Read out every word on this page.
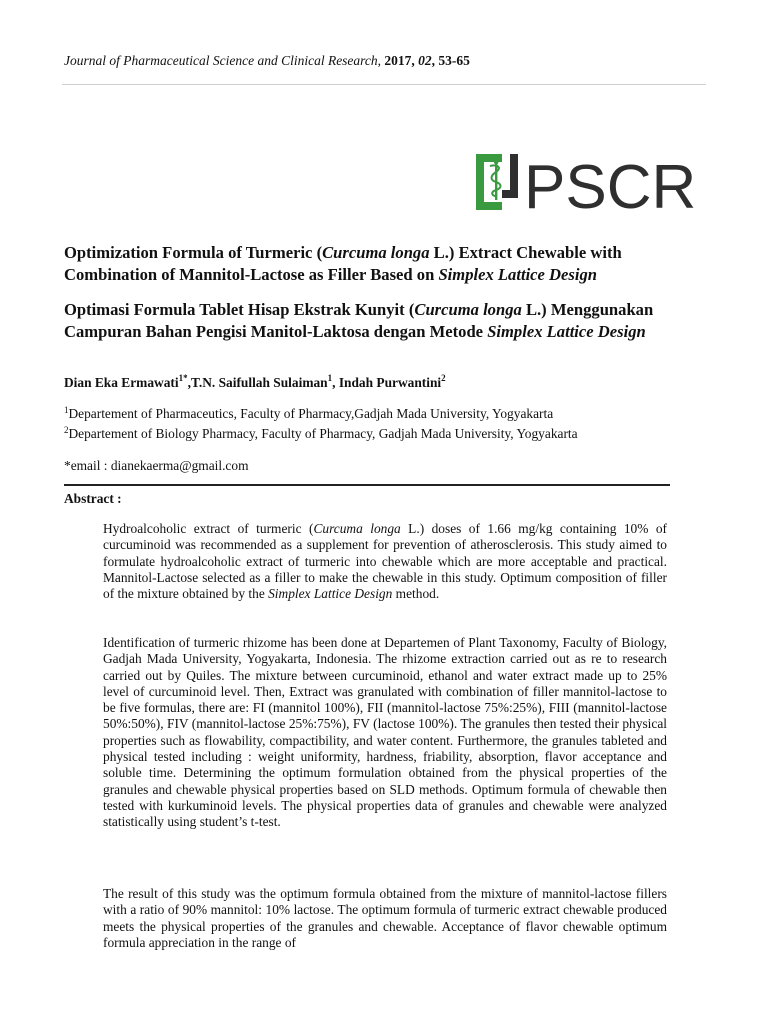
Journal of Pharmaceutical Science and Clinical Research, 2017, 02, 53-65
PSCR
Optimization Formula of Turmeric (Curcuma longa L.) Extract Chewable with Combination of Mannitol-Lactose as Filler Based on Simplex Lattice Design
Optimasi Formula Tablet Hisap Ekstrak Kunyit (Curcuma longa L.) Menggunakan Campuran Bahan Pengisi Manitol-Laktosa dengan Metode Simplex Lattice Design
Dian Eka Ermawati$^{1*}$,T.N. Saifullah Sulaiman$^1$, Indah Purwantini$^2$
$^1$Departement of Pharmaceutics, Faculty of Pharmacy,Gadjah Mada University, Yogyakarta
$^2$Departement of Biology Pharmacy, Faculty of Pharmacy, Gadjah Mada University, Yogyakarta
*email : dianekaerma@gmail.com
Abstract :

Hydroalcoholic extract of turmeric (Curcuma longa L.) doses of 1.66 mg/kg containing 10% of curcuminoid was recommended as a supplement for prevention of atherosclerosis. This study aimed to formulate hydroalcoholic extract of turmeric into chewable which are more acceptable and practical. Mannitol-Lactose selected as a filler to make the chewable in this study. Optimum composition of filler of the mixture obtained by the Simplex Lattice Design method.

Identification of turmeric rhizome has been done at Departemen of Plant Taxonomy, Faculty of Biology, Gadjah Mada University, Yogyakarta, Indonesia. The rhizome extraction carried out as re to research carried out by Quiles. The mixture between curcuminoid, ethanol and water extract made up to 25% level of curcuminoid level. Then, Extract was granulated with combination of filler mannitol-lactose to be five formulas, there are: FI (mannitol 100%), FII (mannitol-lactose 75%:25%), FIII (mannitol-lactose 50%:50%), FIV (mannitol-lactose 25%:75%), FV (lactose 100%). The granules then tested their physical properties such as flowability, compactibility, and water content. Furthermore, the granules tableted and physical tested including : weight uniformity, hardness, friability, absorption, flavor acceptance and soluble time. Determining the optimum formulation obtained from the physical properties of the granules and chewable physical properties based on SLD methods. Optimum formula of chewable then tested with kurkuminoid levels. The physical properties data of granules and chewable were analyzed statistically using student’s t-test.

The result of this study was the optimum formula obtained from the mixture of mannitol-lactose fillers with a ratio of 90% mannitol: 10% lactose. The optimum formula of turmeric extract chewable produced meets the physical properties of the granules and chewable. Acceptance of flavor chewable optimum formula appreciation in the range of
